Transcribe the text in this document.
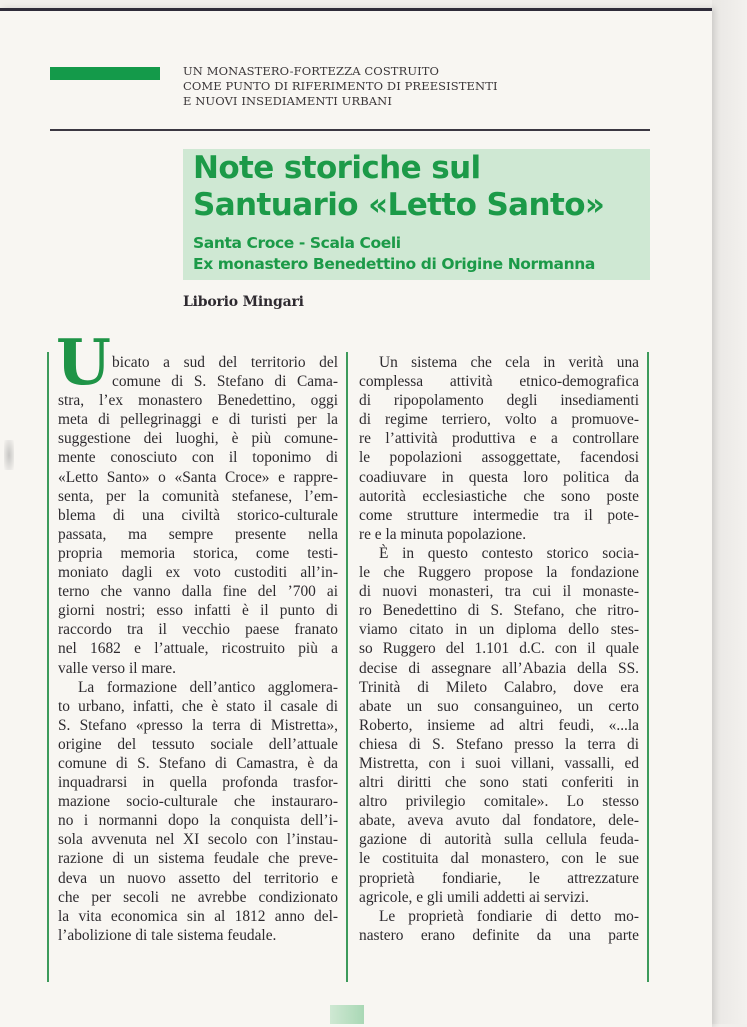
UN MONASTERO-FORTEZZA COSTRUITO
COME PUNTO DI RIFERIMENTO DI PREESISTENTI
E NUOVI INSEDIAMENTI URBANI
Note storiche sul
Santuario «Letto Santo»
Santa Croce - Scala Coeli
Ex monastero Benedettino di Origine Normanna
Liborio Mingari
U bicato a sud del territorio del
comune di S. Stefano di Cama-
stra, l’ex monastero Benedettino, oggi
meta di pellegrinaggi e di turisti per la
suggestione dei luoghi, è più comune-
mente conosciuto con il toponimo di
«Letto Santo» o «Santa Croce» e rappre-
senta, per la comunità stefanese, l’em-
blema di una civiltà storico-culturale
passata, ma sempre presente nella
propria memoria storica, come testi-
moniato dagli ex voto custoditi all’in-
terno che vanno dalla fine del ’700 ai
giorni nostri; esso infatti è il punto di
raccordo tra il vecchio paese franato
nel 1682 e l’attuale, ricostruito più a
valle verso il mare.
La formazione dell’antico agglomera-
to urbano, infatti, che è stato il casale di
S. Stefano «presso la terra di Mistretta»,
origine del tessuto sociale dell’attuale
comune di S. Stefano di Camastra, è da
inquadrarsi in quella profonda trasfor-
mazione socio-culturale che instauraro-
no i normanni dopo la conquista dell’i-
sola avvenuta nel XI secolo con l’instau-
razione di un sistema feudale che preve-
deva un nuovo assetto del territorio e
che per secoli ne avrebbe condizionato
la vita economica sin al 1812 anno del-
l’abolizione di tale sistema feudale.
Un sistema che cela in verità una
complessa attività etnico-demografica
di ripopolamento degli insediamenti
di regime terriero, volto a promuove-
re l’attività produttiva e a controllare
le popolazioni assoggettate, facendosi
coadiuvare in questa loro politica da
autorità ecclesiastiche che sono poste
come strutture intermedie tra il pote-
re e la minuta popolazione.
È in questo contesto storico socia-
le che Ruggero propose la fondazione
di nuovi monasteri, tra cui il monaste-
ro Benedettino di S. Stefano, che ritro-
viamo citato in un diploma dello stes-
so Ruggero del 1.101 d.C. con il quale
decise di assegnare all’Abazia della SS.
Trinità di Mileto Calabro, dove era
abate un suo consanguineo, un certo
Roberto, insieme ad altri feudi, «...la
chiesa di S. Stefano presso la terra di
Mistretta, con i suoi villani, vassalli, ed
altri diritti che sono stati conferiti in
altro privilegio comitale». Lo stesso
abate, aveva avuto dal fondatore, dele-
gazione di autorità sulla cellula feuda-
le costituita dal monastero, con le sue
proprietà fondiarie, le attrezzature
agricole, e gli umili addetti ai servizi.
Le proprietà fondiarie di detto mo-
nastero erano definite da una parte
